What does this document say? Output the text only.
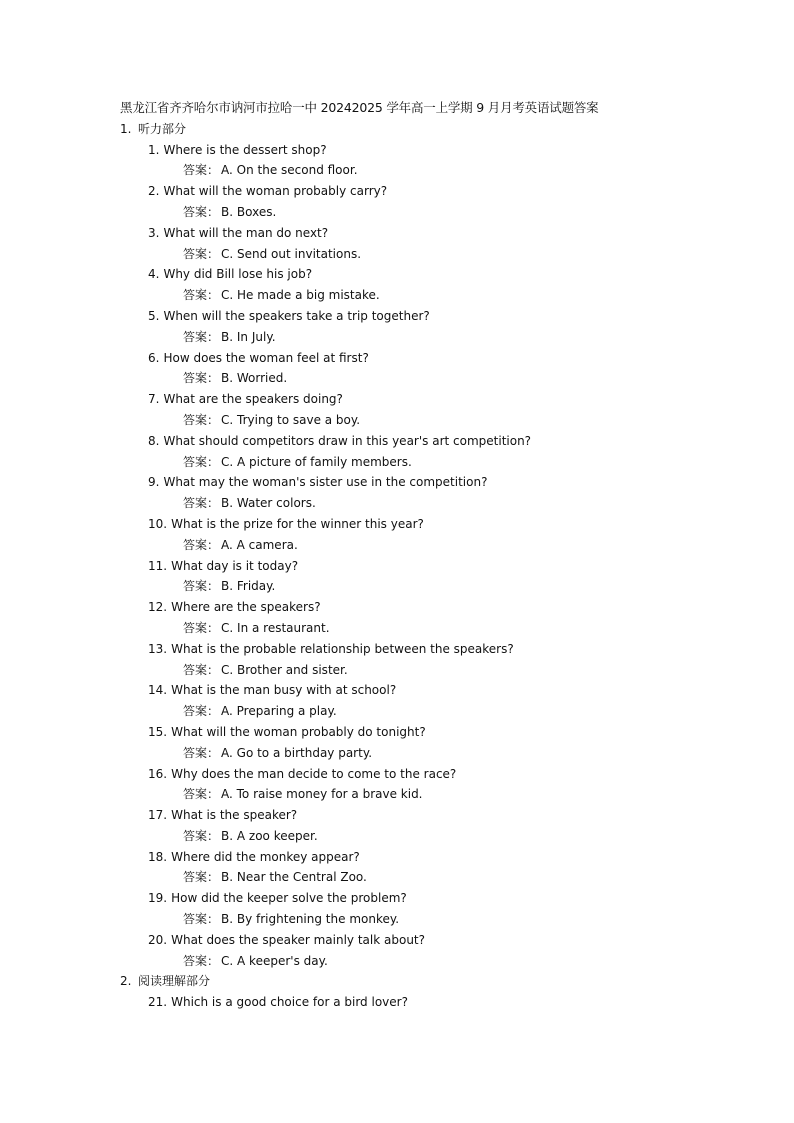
黑龙江省齐齐哈尔市讷河市拉哈一中 20242025 学年高一上学期 9 月月考英语试题答案
1. 听力部分
1. Where is the dessert shop?
答案： A. On the second floor.
2. What will the woman probably carry?
答案： B. Boxes.
3. What will the man do next?
答案： C. Send out invitations.
4. Why did Bill lose his job?
答案： C. He made a big mistake.
5. When will the speakers take a trip together?
答案： B. In July.
6. How does the woman feel at first?
答案： B. Worried.
7. What are the speakers doing?
答案： C. Trying to save a boy.
8. What should competitors draw in this year's art competition?
答案： C. A picture of family members.
9. What may the woman's sister use in the competition?
答案： B. Water colors.
10. What is the prize for the winner this year?
答案： A. A camera.
11. What day is it today?
答案： B. Friday.
12. Where are the speakers?
答案： C. In a restaurant.
13. What is the probable relationship between the speakers?
答案： C. Brother and sister.
14. What is the man busy with at school?
答案： A. Preparing a play.
15. What will the woman probably do tonight?
答案： A. Go to a birthday party.
16. Why does the man decide to come to the race?
答案： A. To raise money for a brave kid.
17. What is the speaker?
答案： B. A zoo keeper.
18. Where did the monkey appear?
答案： B. Near the Central Zoo.
19. How did the keeper solve the problem?
答案： B. By frightening the monkey.
20. What does the speaker mainly talk about?
答案： C. A keeper's day.
2. 阅读理解部分
21. Which is a good choice for a bird lover?
